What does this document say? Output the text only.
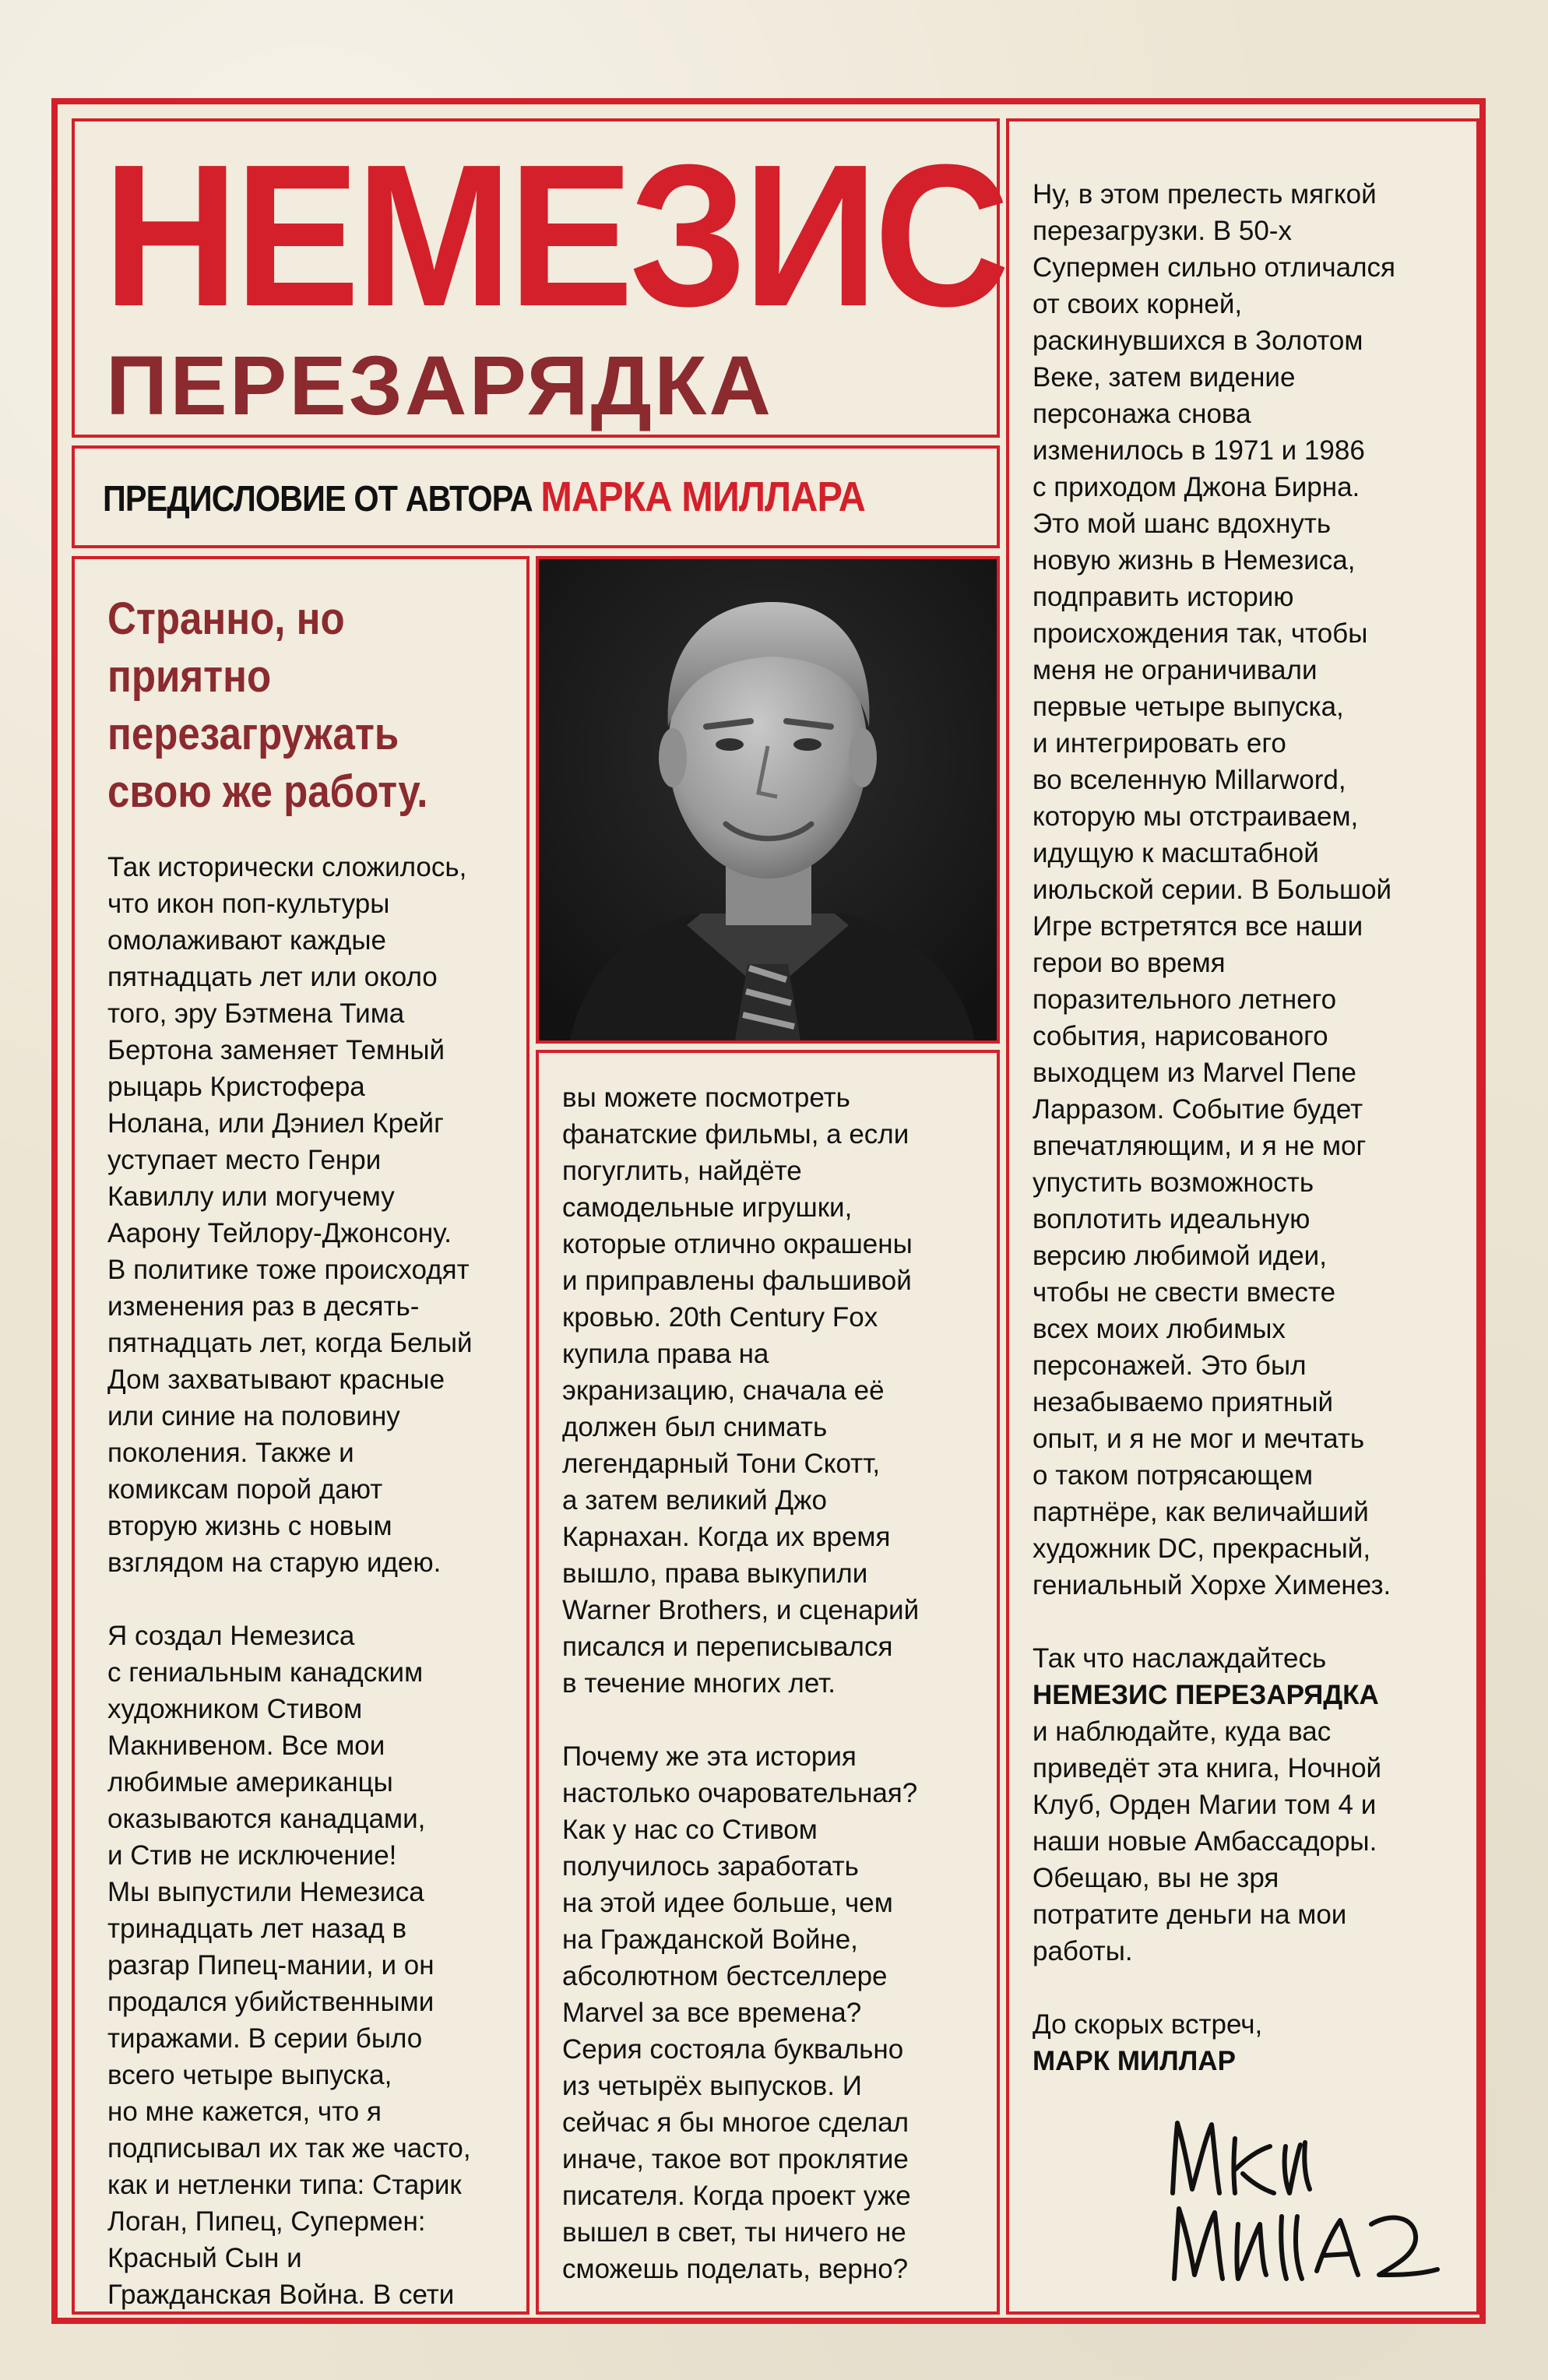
НЕМЕЗИС
ПЕРЕЗАРЯДКА
ПРЕДИСЛОВИЕ ОТ АВТОРА МАРКА МИЛЛАРА
Странно, но приятно перезагружать свою же работу.
Так исторически сложилось,
что икон поп-культуры
омолаживают каждые
пятнадцать лет или около
того, эру Бэтмена Тима
Бертона заменяет Темный
рыцарь Кристофера
Нолана, или Дэниел Крейг
уступает место Генри
Кавиллу или могучему
Аарону Тейлору-Джонсону.
В политике тоже происходят
изменения раз в десять-
пятнадцать лет, когда Белый
Дом захватывают красные
или синие на половину
поколения. Также и
комиксам порой дают
вторую жизнь с новым
взглядом на старую идею.

Я создал Немезиса
с гениальным канадским
художником Стивом
Макнивеном. Все мои
любимые американцы
оказываются канадцами,
и Стив не исключение!
Мы выпустили Немезиса
тринадцать лет назад в
разгар Пипец-мании, и он
продался убийственными
тиражами. В серии было
всего четыре выпуска,
но мне кажется, что я
подписывал их так же часто,
как и нетленки типа: Старик
Логан, Пипец, Супермен:
Красный Сын и
Гражданская Война. В сети
вы можете посмотреть
фанатские фильмы, а если
погуглить, найдёте
самодельные игрушки,
которые отлично окрашены
и приправлены фальшивой
кровью. 20th Century Fox
купила права на
экранизацию, сначала её
должен был снимать
легендарный Тони Скотт,
а затем великий Джо
Карнахан. Когда их время
вышло, права выкупили
Warner Brothers, и сценарий
писался и переписывался
в течение многих лет.

Почему же эта история
настолько очаровательная?
Как у нас со Стивом
получилось заработать
на этой идее больше, чем
на Гражданской Войне,
абсолютном бестселлере
Marvel за все времена?
Серия состояла буквально
из четырёх выпусков. И
сейчас я бы многое сделал
иначе, такое вот проклятие
писателя. Когда проект уже
вышел в свет, ты ничего не
сможешь поделать, верно?
Ну, в этом прелесть мягкой
перезагрузки. В 50-х
Супермен сильно отличался
от своих корней,
раскинувшихся в Золотом
Веке, затем видение
персонажа снова
изменилось в 1971 и 1986
с приходом Джона Бирна.
Это мой шанс вдохнуть
новую жизнь в Немезиса,
подправить историю
происхождения так, чтобы
меня не ограничивали
первые четыре выпуска,
и интегрировать его
во вселенную Millarword,
которую мы отстраиваем,
идущую к масштабной
июльской серии. В Большой
Игре встретятся все наши
герои во время
поразительного летнего
события, нарисованого
выходцем из Marvel Пепе
Ларразом. Событие будет
впечатляющим, и я не мог
упустить возможность
воплотить идеальную
версию любимой идеи,
чтобы не свести вместе
всех моих любимых
персонажей. Это был
незабываемо приятный
опыт, и я не мог и мечтать
о таком потрясающем
партнёре, как величайший
художник DC, прекрасный,
гениальный Хорхе Хименез.

Так что наслаждайтесь
НЕМЕЗИС ПЕРЕЗАРЯДКА
и наблюдайте, куда вас
приведёт эта книга, Ночной
Клуб, Орден Магии том 4 и
наши новые Амбассадоры.
Обещаю, вы не зря
потратите деньги на мои
работы.

До скорых встреч,
МАРК МИЛЛАР
